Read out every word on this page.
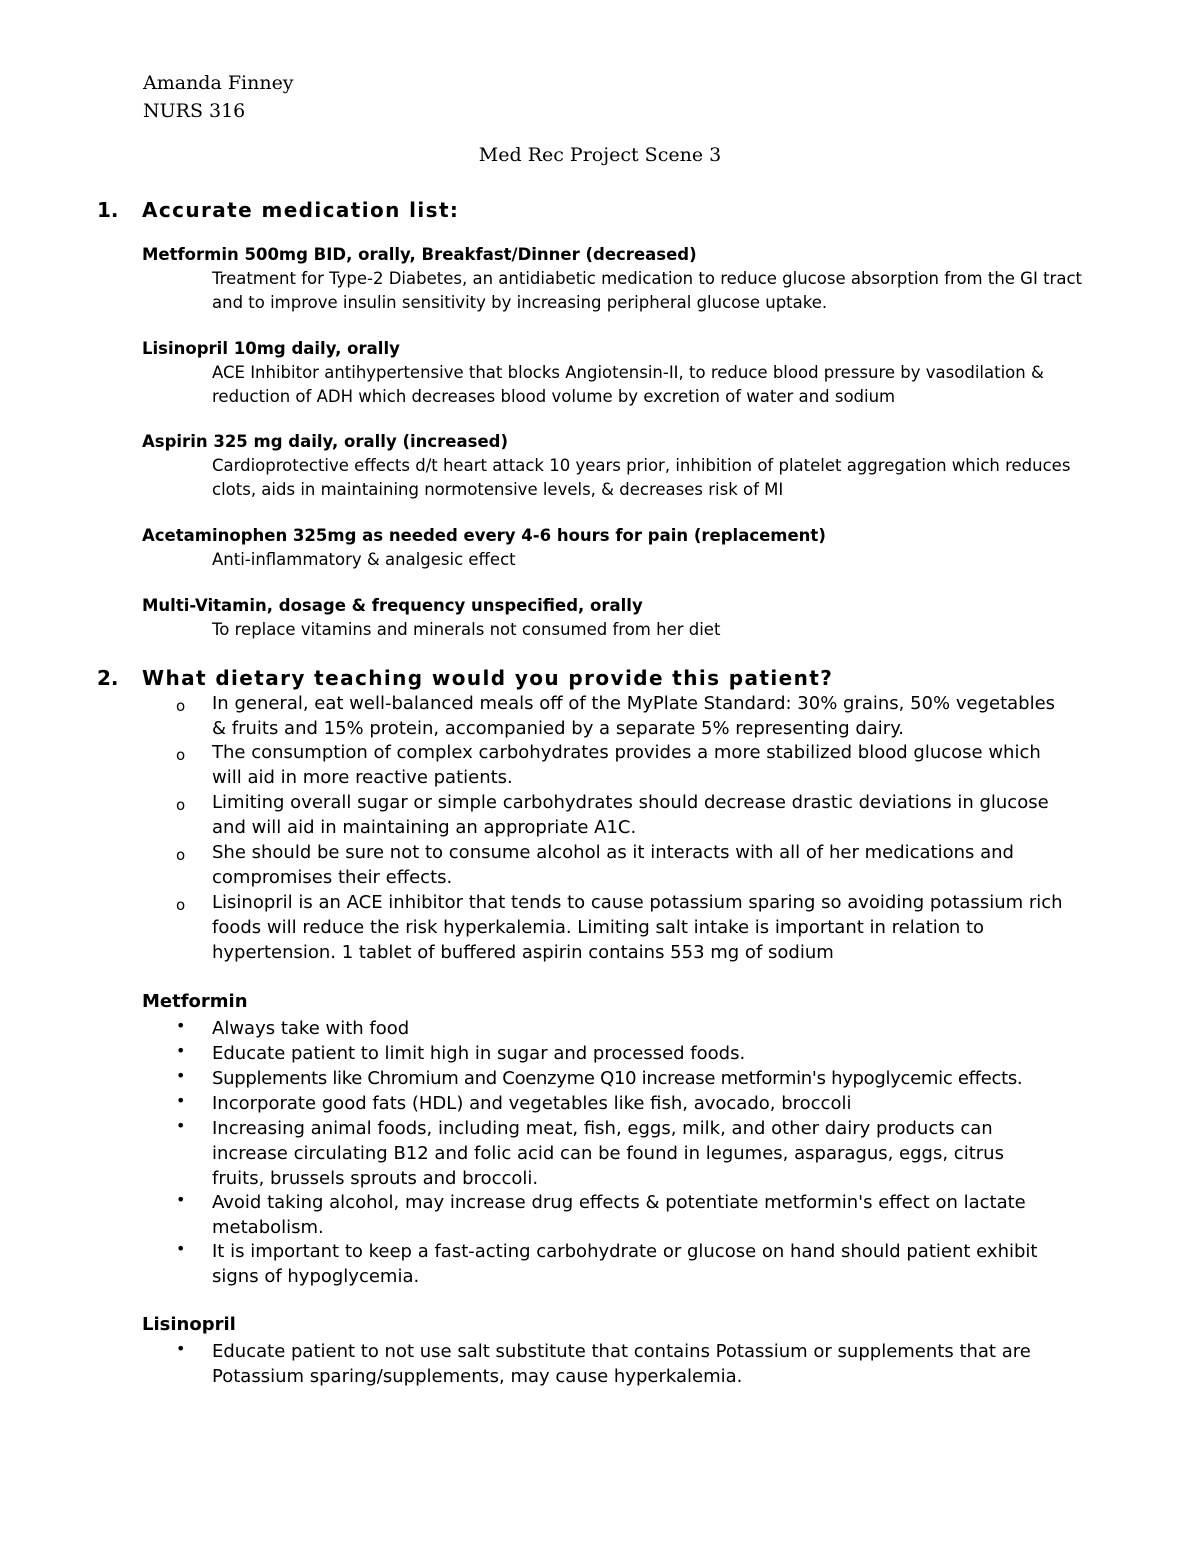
Amanda Finney
NURS 316
Med Rec Project Scene 3
1. Accurate medication list:
Metformin 500mg BID, orally, Breakfast/Dinner (decreased)
Treatment for Type-2 Diabetes, an antidiabetic medication to reduce glucose absorption from the GI tract and to improve insulin sensitivity by increasing peripheral glucose uptake.
Lisinopril 10mg daily, orally
ACE Inhibitor antihypertensive that blocks Angiotensin-II, to reduce blood pressure by vasodilation & reduction of ADH which decreases blood volume by excretion of water and sodium
Aspirin 325 mg daily, orally (increased)
Cardioprotective effects d/t heart attack 10 years prior, inhibition of platelet aggregation which reduces clots, aids in maintaining normotensive levels, & decreases risk of MI
Acetaminophen 325mg as needed every 4-6 hours for pain (replacement)
Anti-inflammatory & analgesic effect
Multi-Vitamin, dosage & frequency unspecified, orally
To replace vitamins and minerals not consumed from her diet
2. What dietary teaching would you provide this patient?
o In general, eat well-balanced meals off of the MyPlate Standard: 30% grains, 50% vegetables & fruits and 15% protein, accompanied by a separate 5% representing dairy.
o The consumption of complex carbohydrates provides a more stabilized blood glucose which will aid in more reactive patients.
o Limiting overall sugar or simple carbohydrates should decrease drastic deviations in glucose and will aid in maintaining an appropriate A1C.
o She should be sure not to consume alcohol as it interacts with all of her medications and compromises their effects.
o Lisinopril is an ACE inhibitor that tends to cause potassium sparing so avoiding potassium rich foods will reduce the risk hyperkalemia. Limiting salt intake is important in relation to hypertension. 1 tablet of buffered aspirin contains 553 mg of sodium
Metformin
• Always take with food
• Educate patient to limit high in sugar and processed foods.
• Supplements like Chromium and Coenzyme Q10 increase metformin's hypoglycemic effects.
• Incorporate good fats (HDL) and vegetables like fish, avocado, broccoli
• Increasing animal foods, including meat, fish, eggs, milk, and other dairy products can increase circulating B12 and folic acid can be found in legumes, asparagus, eggs, citrus fruits, brussels sprouts and broccoli.
• Avoid taking alcohol, may increase drug effects & potentiate metformin's effect on lactate metabolism.
• It is important to keep a fast-acting carbohydrate or glucose on hand should patient exhibit signs of hypoglycemia.
Lisinopril
• Educate patient to not use salt substitute that contains Potassium or supplements that are Potassium sparing/supplements, may cause hyperkalemia.
